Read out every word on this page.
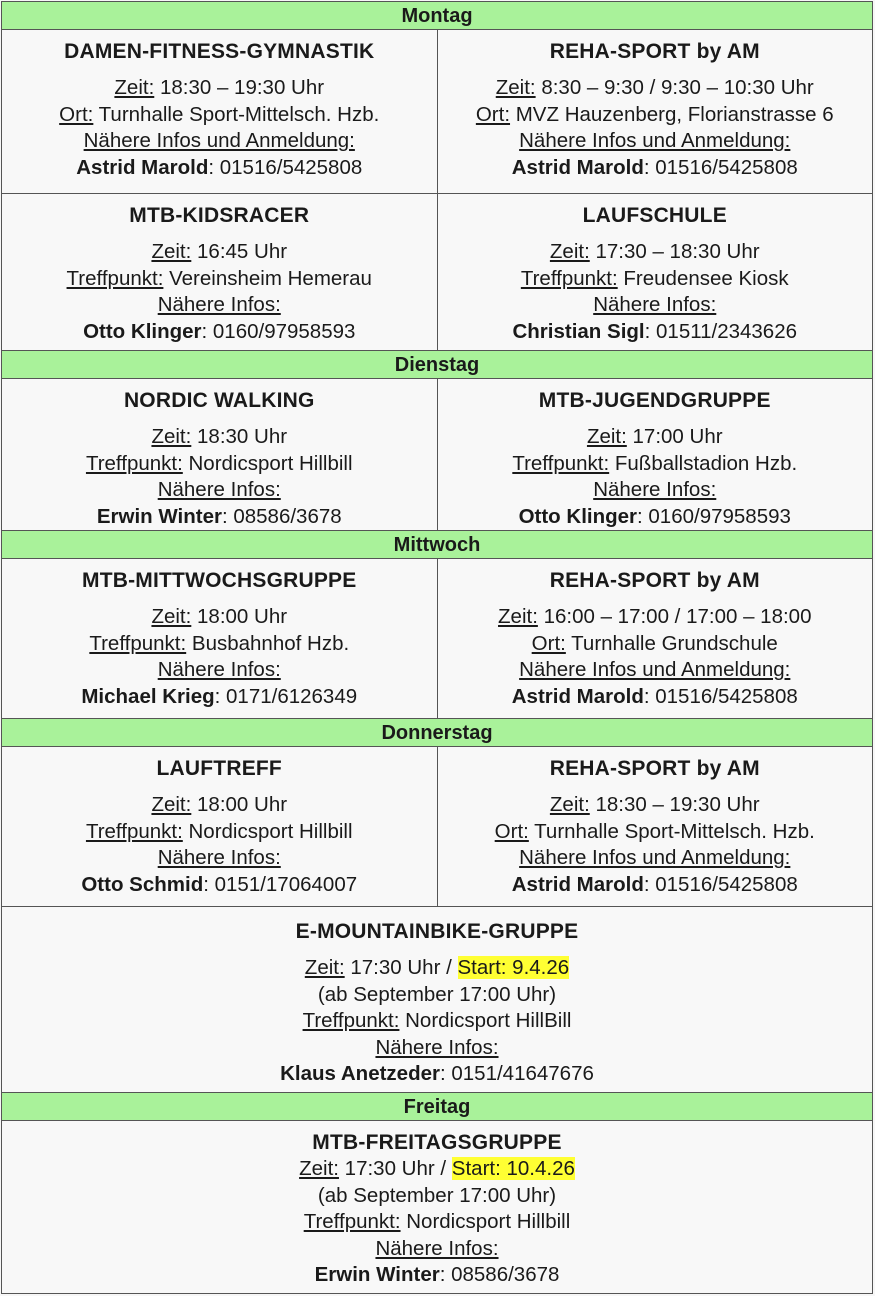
Montag
DAMEN-FITNESS-GYMNASTIK
Zeit: 18:30 – 19:30 Uhr
Ort: Turnhalle Sport-Mittelsch. Hzb.
Nähere Infos und Anmeldung:
Astrid Marold: 01516/5425808
REHA-SPORT by AM
Zeit: 8:30 – 9:30 / 9:30 – 10:30 Uhr
Ort: MVZ Hauzenberg, Florianstrasse 6
Nähere Infos und Anmeldung:
Astrid Marold: 01516/5425808
MTB-KIDSRACER
Zeit: 16:45 Uhr
Treffpunkt: Vereinsheim Hemerau
Nähere Infos:
Otto Klinger: 0160/97958593
LAUFSCHULE
Zeit: 17:30 – 18:30 Uhr
Treffpunkt: Freudensee Kiosk
Nähere Infos:
Christian Sigl: 01511/2343626
Dienstag
NORDIC WALKING
Zeit: 18:30 Uhr
Treffpunkt: Nordicsport Hillbill
Nähere Infos:
Erwin Winter: 08586/3678
MTB-JUGENDGRUPPE
Zeit: 17:00 Uhr
Treffpunkt: Fußballstadion Hzb.
Nähere Infos:
Otto Klinger: 0160/97958593
Mittwoch
MTB-MITTWOCHSGRUPPE
Zeit: 18:00 Uhr
Treffpunkt: Busbahnhof Hzb.
Nähere Infos:
Michael Krieg: 0171/6126349
REHA-SPORT by AM
Zeit: 16:00 – 17:00 / 17:00 – 18:00
Ort: Turnhalle Grundschule
Nähere Infos und Anmeldung:
Astrid Marold: 01516/5425808
Donnerstag
LAUFTREFF
Zeit: 18:00 Uhr
Treffpunkt: Nordicsport Hillbill
Nähere Infos:
Otto Schmid: 0151/17064007
REHA-SPORT by AM
Zeit: 18:30 – 19:30 Uhr
Ort: Turnhalle Sport-Mittelsch. Hzb.
Nähere Infos und Anmeldung:
Astrid Marold: 01516/5425808
E-MOUNTAINBIKE-GRUPPE
Zeit: 17:30 Uhr / Start: 9.4.26
(ab September 17:00 Uhr)
Treffpunkt: Nordicsport HillBill
Nähere Infos:
Klaus Anetzeder: 0151/41647676
Freitag
MTB-FREITAGSGRUPPE
Zeit: 17:30 Uhr / Start: 10.4.26
(ab September 17:00 Uhr)
Treffpunkt: Nordicsport Hillbill
Nähere Infos:
Erwin Winter: 08586/3678
